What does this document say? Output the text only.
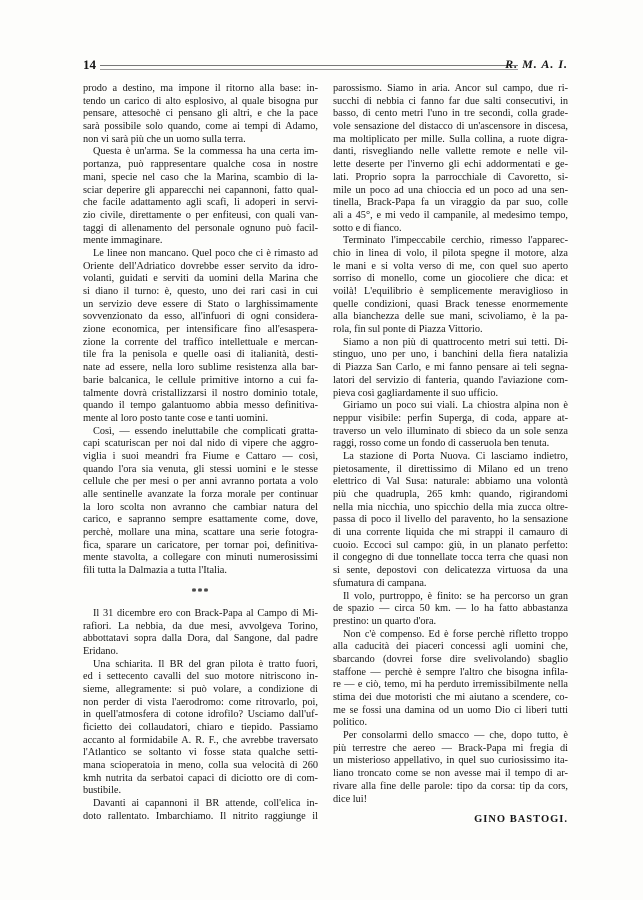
14	R. M. A. I.
prodo a destino, ma impone il ritorno alla base: in-
tendo un carico di alto esplosivo, al quale bisogna pur
pensare, attesochè ci pensano gli altri, e che la pace
sarà possibile solo quando, come ai tempi di Adamo,
non vi sarà più che un uomo sulla terra.
Questa è un'arma. Se la commessa ha una certa im-
portanza, può rappresentare qualche cosa in nostre
mani, specie nel caso che la Marina, scambio di la-
sciar deperire gli apparecchi nei capannoni, fatto qual-
che facile adattamento agli scafi, li adoperi in servi-
zio civile, direttamente o per enfiteusi, con quali van-
taggi di allenamento del personale ognuno può facil-
mente immaginare.
Le linee non mancano. Quel poco che ci è rimasto ad
Oriente dell'Adriatico dovrebbe esser servito da idro-
volanti, guidati e serviti da uomini della Marina che
si diano il turno: è, questo, uno dei rari casi in cui
un servizio deve essere di Stato o larghissimamente
sovvenzionato da esso, all'infuori di ogni considera-
zione economica, per intensificare fino all'esaspera-
zione la corrente del traffico intellettuale e mercan-
tile fra la penisola e quelle oasi di italianità, desti-
nate ad essere, nella loro sublime resistenza alla bar-
barie balcanica, le cellule primitive intorno a cui fa-
talmente dovrà cristallizzarsi il nostro dominio totale,
quando il tempo galantuomo abbia messo definitiva-
mente al loro posto tante cose e tanti uomini.
Così, — essendo ineluttabile che complicati gratta-
capi scaturiscan per noi dal nido di vipere che aggro-
viglia i suoi meandri fra Fiume e Cattaro — così,
quando l'ora sia venuta, gli stessi uomini e le stesse
cellule che per mesi o per anni avranno portata a volo
alle sentinelle avanzate la forza morale per continuar
la loro scolta non avranno che cambiar natura del
carico, e sapranno sempre esattamente come, dove,
perchè, mollare una mina, scattare una serie fotogra-
fica, sparare un caricatore, per tornar poi, definitiva-
mente stavolta, a collegare con minuti numerosissimi
fili tutta la Dalmazia a tutta l'Italia.
***
Il 31 dicembre ero con Brack-Papa al Campo di Mi-
rafiori. La nebbia, da due mesi, avvolgeva Torino,
abbottatavi sopra dalla Dora, dal Sangone, dal padre
Eridano.
Una schiarita. Il BR del gran pilota è tratto fuori,
ed i settecento cavalli del suo motore nitriscono in-
sieme, allegramente: si può volare, a condizione di
non perder di vista l'aerodromo: come ritrovarlo, poi,
in quell'atmosfera di cotone idrofilo? Usciamo dall'uf-
ficietto dei collaudatori, chiaro e tiepido. Passiamo
accanto al formidabile A. R. F., che avrebbe traversato
l'Atlantico se soltanto vi fosse stata qualche setti-
mana scioperatoia in meno, colla sua velocità di 260
kmh nutrita da serbatoi capaci di diciotto ore di com-
bustibile.
Davanti ai capannoni il BR attende, coll'elica in-
doto rallentato. Imbarchiamo. Il nitrito raggiunge il
parossismo. Siamo in aria. Ancor sul campo, due ri-
succhi di nebbia ci fanno far due salti consecutivi, in
basso, di cento metri l'uno in tre secondi, colla grade-
vole sensazione del distacco di un'ascensore in discesa,
ma moltiplicato per mille. Sulla collina, a ruote digra-
danti, risvegliando nelle vallette remote e nelle vil-
lette deserte per l'inverno gli echi addormentati e ge-
lati. Proprio sopra la parrocchiale di Cavoretto, si-
mile un poco ad una chioccia ed un poco ad una sen-
tinella, Brack-Papa fa un viraggio da par suo, colle
ali a 45°, e mi vedo il campanile, al medesimo tempo,
sotto e di fianco.
Terminato l'impeccabile cerchio, rimesso l'apparec-
chio in linea di volo, il pilota spegne il motore, alza
le mani e si volta verso di me, con quel suo aperto
sorriso di monello, come un giocoliere che dica: et
voilà! L'equilibrio è semplicemente meraviglioso in
quelle condizioni, quasi Brack tenesse enormemente
alla bianchezza delle sue mani, scivoliamo, è la pa-
rola, fin sul ponte di Piazza Vittorio.
Siamo a non più di quattrocento metri sui tetti. Di-
stinguo, uno per uno, i banchini della fiera natalizia
di Piazza San Carlo, e mi fanno pensare ai teli segna-
latori del servizio di fanteria, quando l'aviazione com-
pieva così gagliardamente il suo ufficio.
Giriamo un poco sui viali. La chiostra alpina non è
neppur visibile: perfin Superga, di coda, appare at-
traverso un velo illuminato di sbieco da un sole senza
raggi, rosso come un fondo di casseruola ben tenuta.
La stazione di Porta Nuova. Ci lasciamo indietro,
pietosamente, il direttissimo di Milano ed un treno
elettrico di Val Susa: naturale: abbiamo una volontà
più che quadrupla, 265 kmh: quando, rigirandomi
nella mia nicchia, uno spicchio della mia zucca oltre-
passa di poco il livello del paravento, ho la sensazione
di una corrente liquida che mi strappi il camauro di
cuoio. Eccoci sul campo: giù, in un planato perfetto:
il congegno di due tonnellate tocca terra che quasi non
si sente, depostovi con delicatezza virtuosa da una
sfumatura di campana.
Il volo, purtroppo, è finito: se ha percorso un gran
de spazio — circa 50 km. — lo ha fatto abbastanza
prestino: un quarto d'ora.
Non c'è compenso. Ed è forse perchè rifletto troppo
alla caducità dei piaceri concessi agli uomini che,
sbarcando (dovrei forse dire svelivolando) sbaglio
staffone — perchè è sempre l'altro che bisogna infila-
re — e ciò, temo, mi ha perduto irremissibilmente nella
stima dei due motoristi che mi aiutano a scendere, co-
me se fossi una damina od un uomo Dio ci liberi tutti
politico.
Per consolarmi dello smacco — che, dopo tutto, è
più terrestre che aereo — Brack-Papa mi fregia di
un misterioso appellativo, in quel suo curiosissimo ita-
liano troncato come se non avesse mai il tempo di ar-
rivare alla fine delle parole: tipo da corsa: tip da cors,
dice lui!
GINO BASTOGI.
